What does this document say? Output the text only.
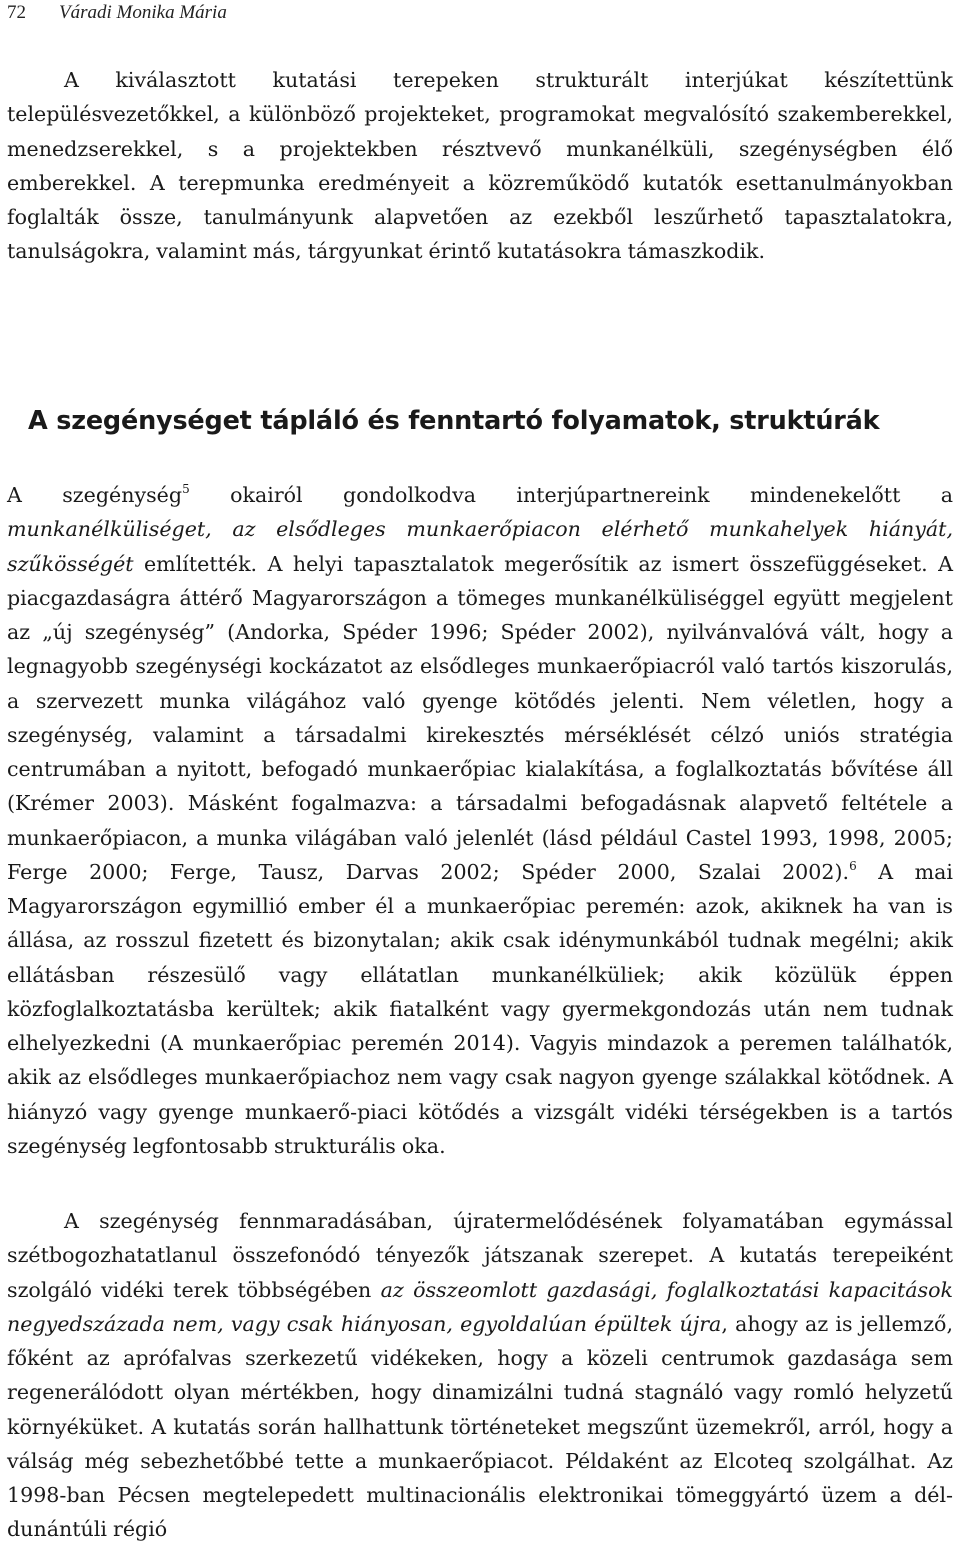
72 Váradi Monika Mária

A kiválasztott kutatási terepeken strukturált interjúkat készítettünk településvezetőkkel, a különböző projekteket, programokat megvalósító szakemberekkel, menedzserekkel, s a projektekben résztvevő munkanélküli, szegénységben élő emberekkel. A terepmunka eredményeit a közreműködő kutatók esettanulmányokban foglalták össze, tanulmányunk alapvetően az ezekből leszűrhető tapasztalatokra, tanulságokra, valamint más, tárgyunkat érintő kutatásokra támaszkodik.

A szegénységet tápláló és fenntartó folyamatok, struktúrák

A szegénység$^5$ okairól gondolkodva interjúpartnereink mindenekelőtt a munkanélküliséget, az elsődleges munkaerőpiacon elérhető munkahelyek hiányát, szűkösségét említették. A helyi tapasztalatok megerősítik az ismert összefüggéseket. A piacgazdaságra áttérő Magyarországon a tömeges munkanélküliséggel együtt megjelent az „új szegénység” (Andorka, Spéder 1996; Spéder 2002), nyilvánvalóvá vált, hogy a legnagyobb szegénységi kockázatot az elsődleges munkaerőpiacról való tartós kiszorulás, a szervezett munka világához való gyenge kötődés jelenti. Nem véletlen, hogy a szegénység, valamint a társadalmi kirekesztés mérséklését célzó uniós stratégia centrumában a nyitott, befogadó munkaerőpiac kialakítása, a foglalkoztatás bővítése áll (Krémer 2003). Másként fogalmazva: a társadalmi befogadásnak alapvető feltétele a munkaerőpiacon, a munka világában való jelenlét (lásd például Castel 1993, 1998, 2005; Ferge 2000; Ferge, Tausz, Darvas 2002; Spéder 2000, Szalai 2002).$^6$ A mai Magyarországon egymillió ember él a munkaerőpiac peremén: azok, akiknek ha van is állása, az rosszul fizetett és bizonytalan; akik csak idénymunkából tudnak megélni; akik ellátásban részesülő vagy ellátatlan munkanélküliek; akik közülük éppen közfoglalkoztatásba kerültek; akik fiatalként vagy gyermekgondozás után nem tudnak elhelyezkedni (A munkaerőpiac peremén 2014). Vagyis mindazok a peremen találhatók, akik az elsődleges munkaerőpiachoz nem vagy csak nagyon gyenge szálakkal kötődnek. A hiányzó vagy gyenge munkaerő-piaci kötődés a vizsgált vidéki térségekben is a tartós szegénység legfontosabb strukturális oka.

A szegénység fennmaradásában, újratermelődésének folyamatában egymással szétbogozhatatlanul összefonódó tényezők játszanak szerepet. A kutatás terepeiként szolgáló vidéki terek többségében az összeomlott gazdasági, foglalkoztatási kapacitások negyedszázada nem, vagy csak hiányosan, egyoldalúan épültek újra, ahogy az is jellemző, főként az aprófalvas szerkezetű vidékeken, hogy a közeli centrumok gazdasága sem regenerálódott olyan mértékben, hogy dinamizálni tudná stagnáló vagy romló helyzetű környéküket. A kutatás során hallhattunk történeteket megszűnt üzemekről, arról, hogy a válság még sebezhetőbbé tette a munkaerőpiacot. Példaként az Elcoteq szolgálhat. Az 1998-ban Pécsen megtelepedett multinacionális elektronikai tömeggyártó üzem a dél-dunántúli régió
